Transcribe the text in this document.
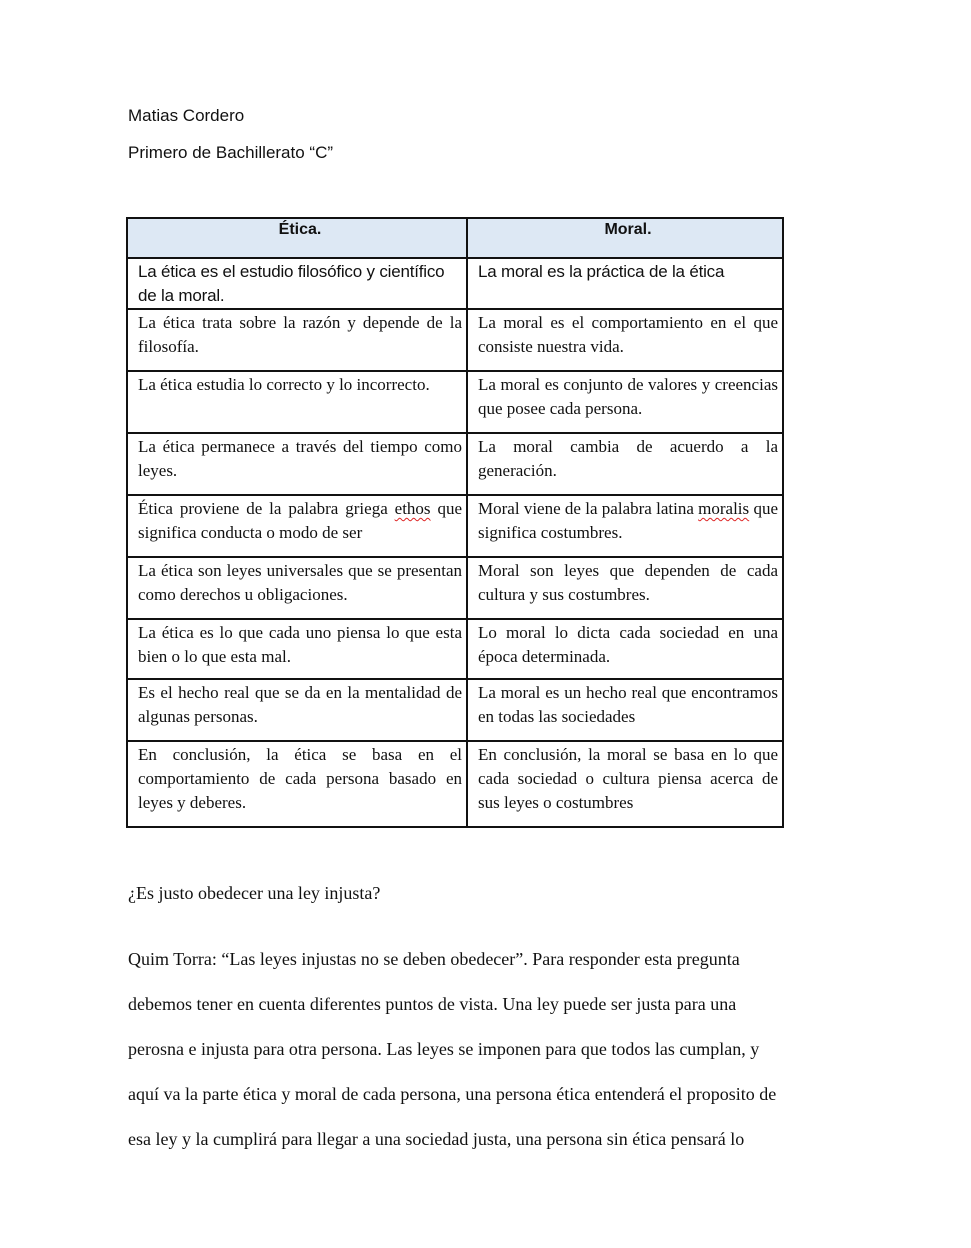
Matias Cordero
Primero de Bachillerato “C”
Ética.	Moral.
La ética es el estudio filosófico y científico de la moral.	La moral es la práctica de la ética
La ética trata sobre la razón y depende de la filosofía.	La moral es el comportamiento en el que consiste nuestra vida.
La ética estudia lo correcto y lo incorrecto.	La moral es conjunto de valores y creencias que posee cada persona.
La ética permanece a través del tiempo como leyes.	La moral cambia de acuerdo a la generación.
Ética proviene de la palabra griega ethos que significa conducta o modo de ser	Moral viene de la palabra latina moralis que significa costumbres.
La ética son leyes universales que se presentan como derechos u obligaciones.	Moral son leyes que dependen de cada cultura y sus costumbres.
La ética es lo que cada uno piensa lo que esta bien o lo que esta mal.	Lo moral lo dicta cada sociedad en una época determinada.
Es el hecho real que se da en la mentalidad de algunas personas.	La moral es un hecho real que encontramos en todas las sociedades
En conclusión, la ética se basa en el comportamiento de cada persona basado en leyes y deberes.	En conclusión, la moral se basa en lo que cada sociedad o cultura piensa acerca de sus leyes o costumbres
¿Es justo obedecer una ley injusta?
Quim Torra: “Las leyes injustas no se deben obedecer”. Para responder esta pregunta
debemos tener en cuenta diferentes puntos de vista. Una ley puede ser justa para una
perosna e injusta para otra persona. Las leyes se imponen para que todos las cumplan, y
aquí va la parte ética y moral de cada persona, una persona ética entenderá el proposito de
esa ley y la cumplirá para llegar a una sociedad justa, una persona sin ética pensará lo
